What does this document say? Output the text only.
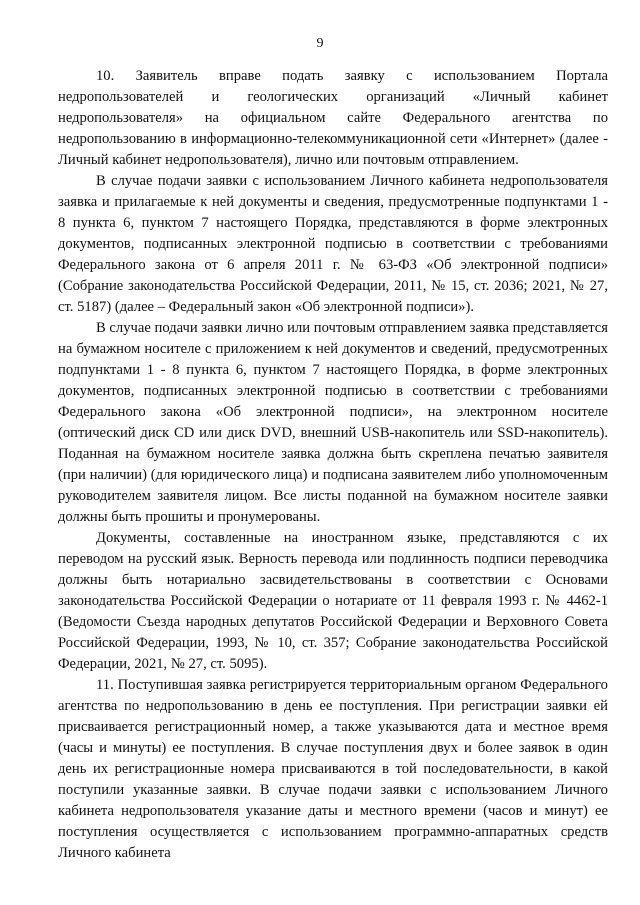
9

10. Заявитель вправе подать заявку с использованием Портала недропользователей и геологических организаций «Личный кабинет недропользователя» на официальном сайте Федерального агентства по недропользованию в информационно-телекоммуникационной сети «Интернет» (далее - Личный кабинет недропользователя), лично или почтовым отправлением.

В случае подачи заявки с использованием Личного кабинета недропользователя заявка и прилагаемые к ней документы и сведения, предусмотренные подпунктами 1 - 8 пункта 6, пунктом 7 настоящего Порядка, представляются в форме электронных документов, подписанных электронной подписью в соответствии с требованиями Федерального закона от 6 апреля 2011 г. № 63-ФЗ «Об электронной подписи» (Собрание законодательства Российской Федерации, 2011, № 15, ст. 2036; 2021, № 27, ст. 5187) (далее – Федеральный закон «Об электронной подписи»).

В случае подачи заявки лично или почтовым отправлением заявка представляется на бумажном носителе с приложением к ней документов и сведений, предусмотренных подпунктами 1 - 8 пункта 6, пунктом 7 настоящего Порядка, в форме электронных документов, подписанных электронной подписью в соответствии с требованиями Федерального закона «Об электронной подписи», на электронном носителе (оптический диск CD или диск DVD, внешний USB-накопитель или SSD-накопитель). Поданная на бумажном носителе заявка должна быть скреплена печатью заявителя (при наличии) (для юридического лица) и подписана заявителем либо уполномоченным руководителем заявителя лицом. Все листы поданной на бумажном носителе заявки должны быть прошиты и пронумерованы.

Документы, составленные на иностранном языке, представляются с их переводом на русский язык. Верность перевода или подлинность подписи переводчика должны быть нотариально засвидетельствованы в соответствии с Основами законодательства Российской Федерации о нотариате от 11 февраля 1993 г. № 4462-1 (Ведомости Съезда народных депутатов Российской Федерации и Верховного Совета Российской Федерации, 1993, № 10, ст. 357; Собрание законодательства Российской Федерации, 2021, № 27, ст. 5095).

11. Поступившая заявка регистрируется территориальным органом Федерального агентства по недропользованию в день ее поступления. При регистрации заявки ей присваивается регистрационный номер, а также указываются дата и местное время (часы и минуты) ее поступления. В случае поступления двух и более заявок в один день их регистрационные номера присваиваются в той последовательности, в какой поступили указанные заявки. В случае подачи заявки с использованием Личного кабинета недропользователя указание даты и местного времени (часов и минут) ее поступления осуществляется с использованием программно-аппаратных средств Личного кабинета
